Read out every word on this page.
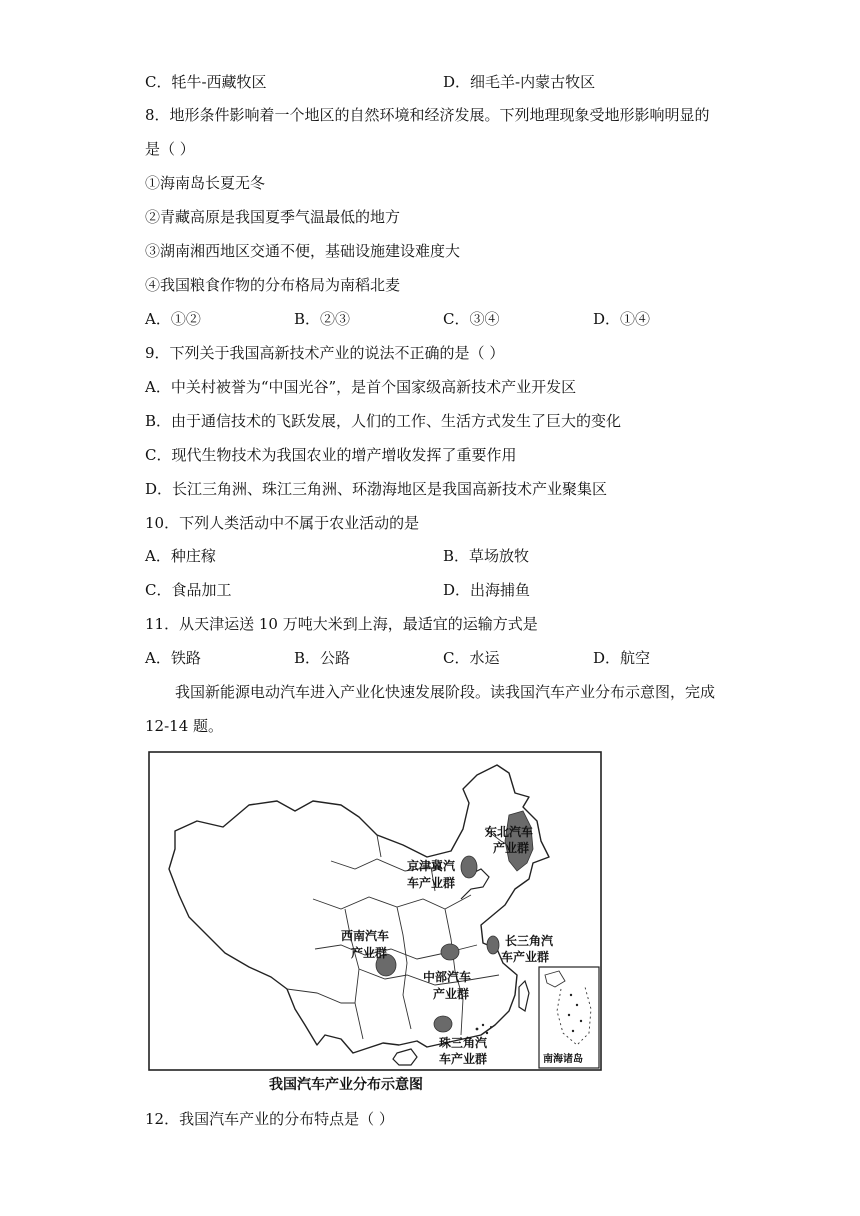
C．牦牛-西藏牧区	D．细毛羊-内蒙古牧区
8．地形条件影响着一个地区的自然环境和经济发展。下列地理现象受地形影响明显的
是（ ）
①海南岛长夏无冬
②青藏高原是我国夏季气温最低的地方
③湖南湘西地区交通不便，基础设施建设难度大
④我国粮食作物的分布格局为南稻北麦
A．①②	B．②③	C．③④	D．①④
9．下列关于我国高新技术产业的说法不正确的是（ ）
A．中关村被誉为“中国光谷”，是首个国家级高新技术产业开发区
B．由于通信技术的飞跃发展，人们的工作、生活方式发生了巨大的变化
C．现代生物技术为我国农业的增产增收发挥了重要作用
D．长江三角洲、珠江三角洲、环渤海地区是我国高新技术产业聚集区
10．下列人类活动中不属于农业活动的是
A．种庄稼	B．草场放牧
C．食品加工	D．出海捕鱼
11．从天津运送 10 万吨大米到上海，最适宜的运输方式是
A．铁路	B．公路	C．水运	D．航空
我国新能源电动汽车进入产业化快速发展阶段。读我国汽车产业分布示意图，完成
12-14 题。
东北汽车
产业群
京津冀汽
车产业群
西南汽车
产业群
中部汽车
产业群
长三角汽
车产业群
珠三角汽
车产业群	南海诸岛
我国汽车产业分布示意图
12．我国汽车产业的分布特点是（ ）
